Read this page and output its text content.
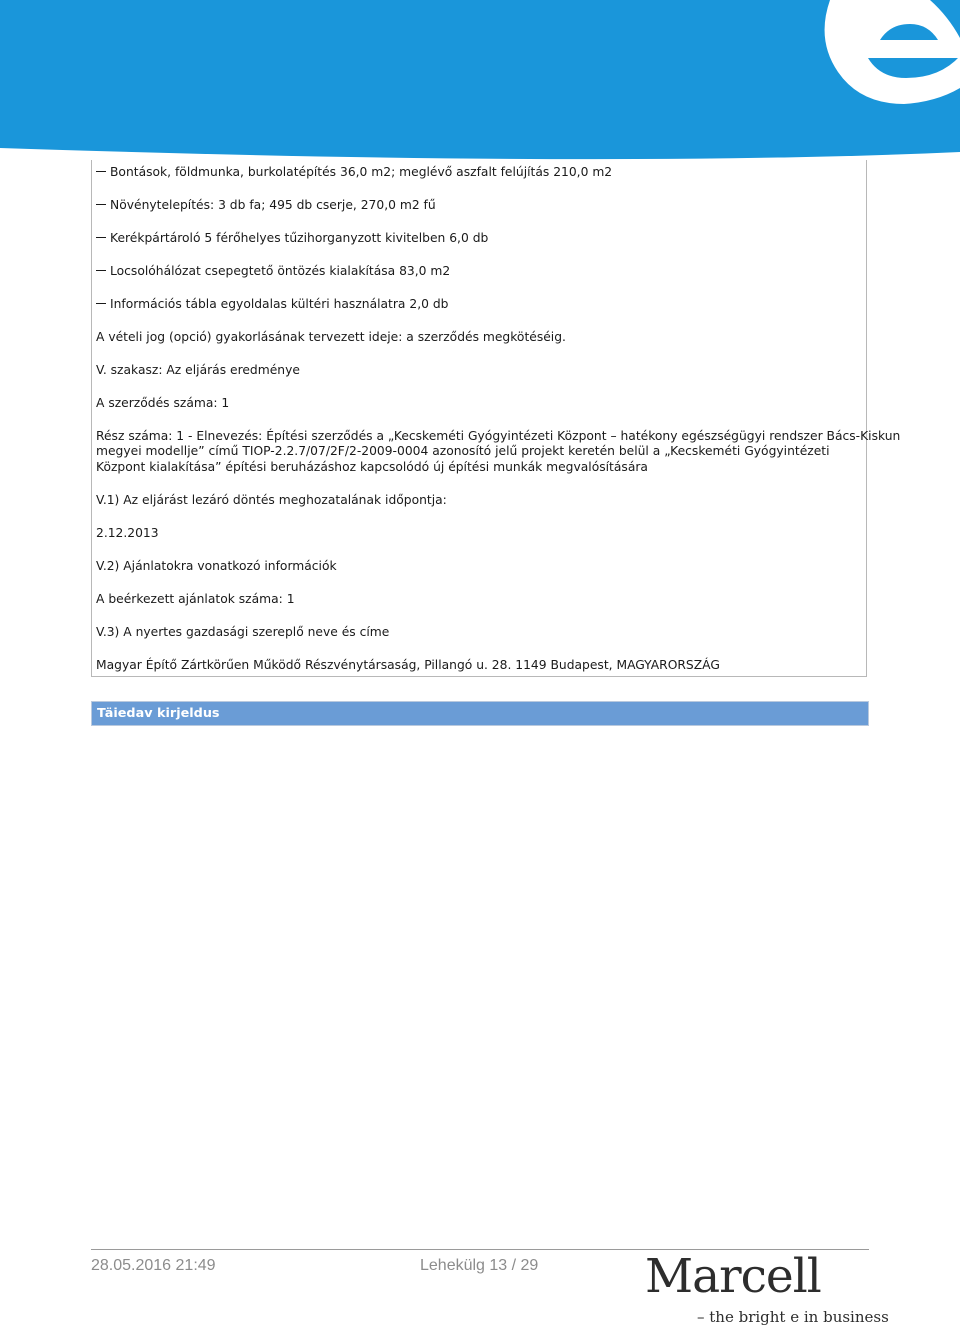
Bontások, földmunka, burkolatépítés 36,0 m2; meglévő aszfalt felújítás 210,0 m2
Növénytelepítés: 3 db fa; 495 db cserje, 270,0 m2 fű
Kerékpártároló 5 férőhelyes tűzihorganyzott kivitelben 6,0 db
Locsolóhálózat csepegtető öntözés kialakítása 83,0 m2
Információs tábla egyoldalas kültéri használatra 2,0 db
A vételi jog (opció) gyakorlásának tervezett ideje: a szerződés megkötéséig.
V. szakasz: Az eljárás eredménye
A szerződés száma: 1
Rész száma: 1 - Elnevezés: Építési szerződés a „Kecskeméti Gyógyintézeti Központ – hatékony egészségügyi rendszer Bács-Kiskun
megyei modellje” című TIOP-2.2.7/07/2F/2-2009-0004 azonosító jelű projekt keretén belül a „Kecskeméti Gyógyintézeti
Központ kialakítása” építési beruházáshoz kapcsolódó új építési munkák megvalósítására
V.1) Az eljárást lezáró döntés meghozatalának időpontja:
2.12.2013
V.2) Ajánlatokra vonatkozó információk
A beérkezett ajánlatok száma: 1
V.3) A nyertes gazdasági szereplő neve és címe
Magyar Építő Zártkörűen Működő Részvénytársaság, Pillangó u. 28. 1149 Budapest, MAGYARORSZÁG
Täiedav kirjeldus
28.05.2016 21:49	Lehekülg 13 / 29 Marcell
– the bright e in business
